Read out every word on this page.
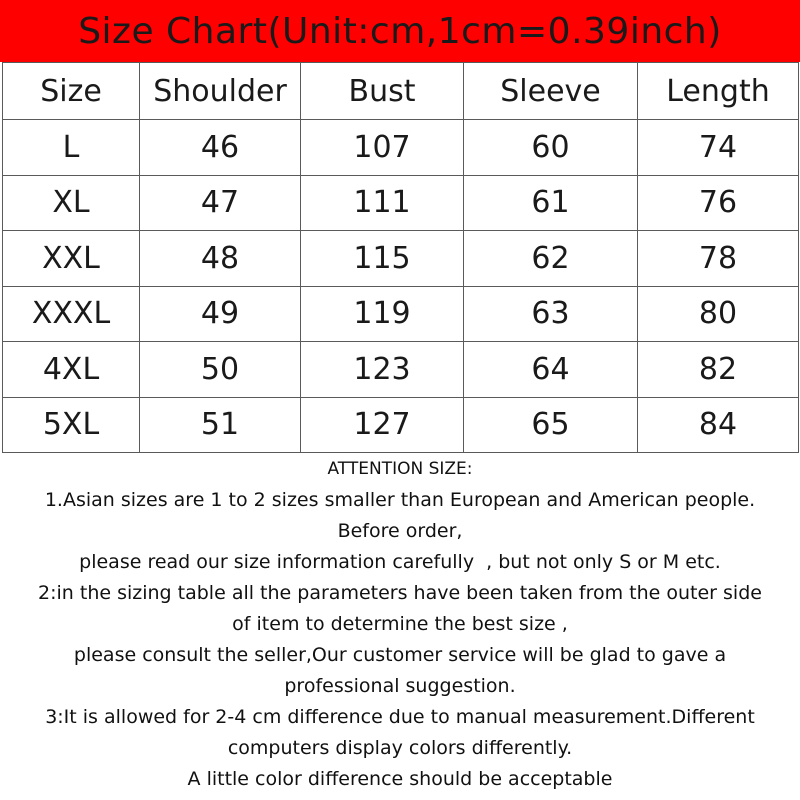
Size Chart(Unit:cm,1cm=0.39inch)
Size	Shoulder	Bust	Sleeve	Length
L	46	107	60	74
XL	47	111	61	76
XXL	48	115	62	78
XXXL	49	119	63	80
4XL	50	123	64	82
5XL	51	127	65	84
ATTENTION SIZE:
1.Asian sizes are 1 to 2 sizes smaller than European and American people.
Before order,
please read our size information carefully  , but not only S or M etc.
2:in the sizing table all the parameters have been taken from the outer side
of item to determine the best size ,
please consult the seller,Our customer service will be glad to gave a
professional suggestion.
3:It is allowed for 2-4 cm difference due to manual measurement.Different
computers display colors differently.
A little color difference should be acceptable
